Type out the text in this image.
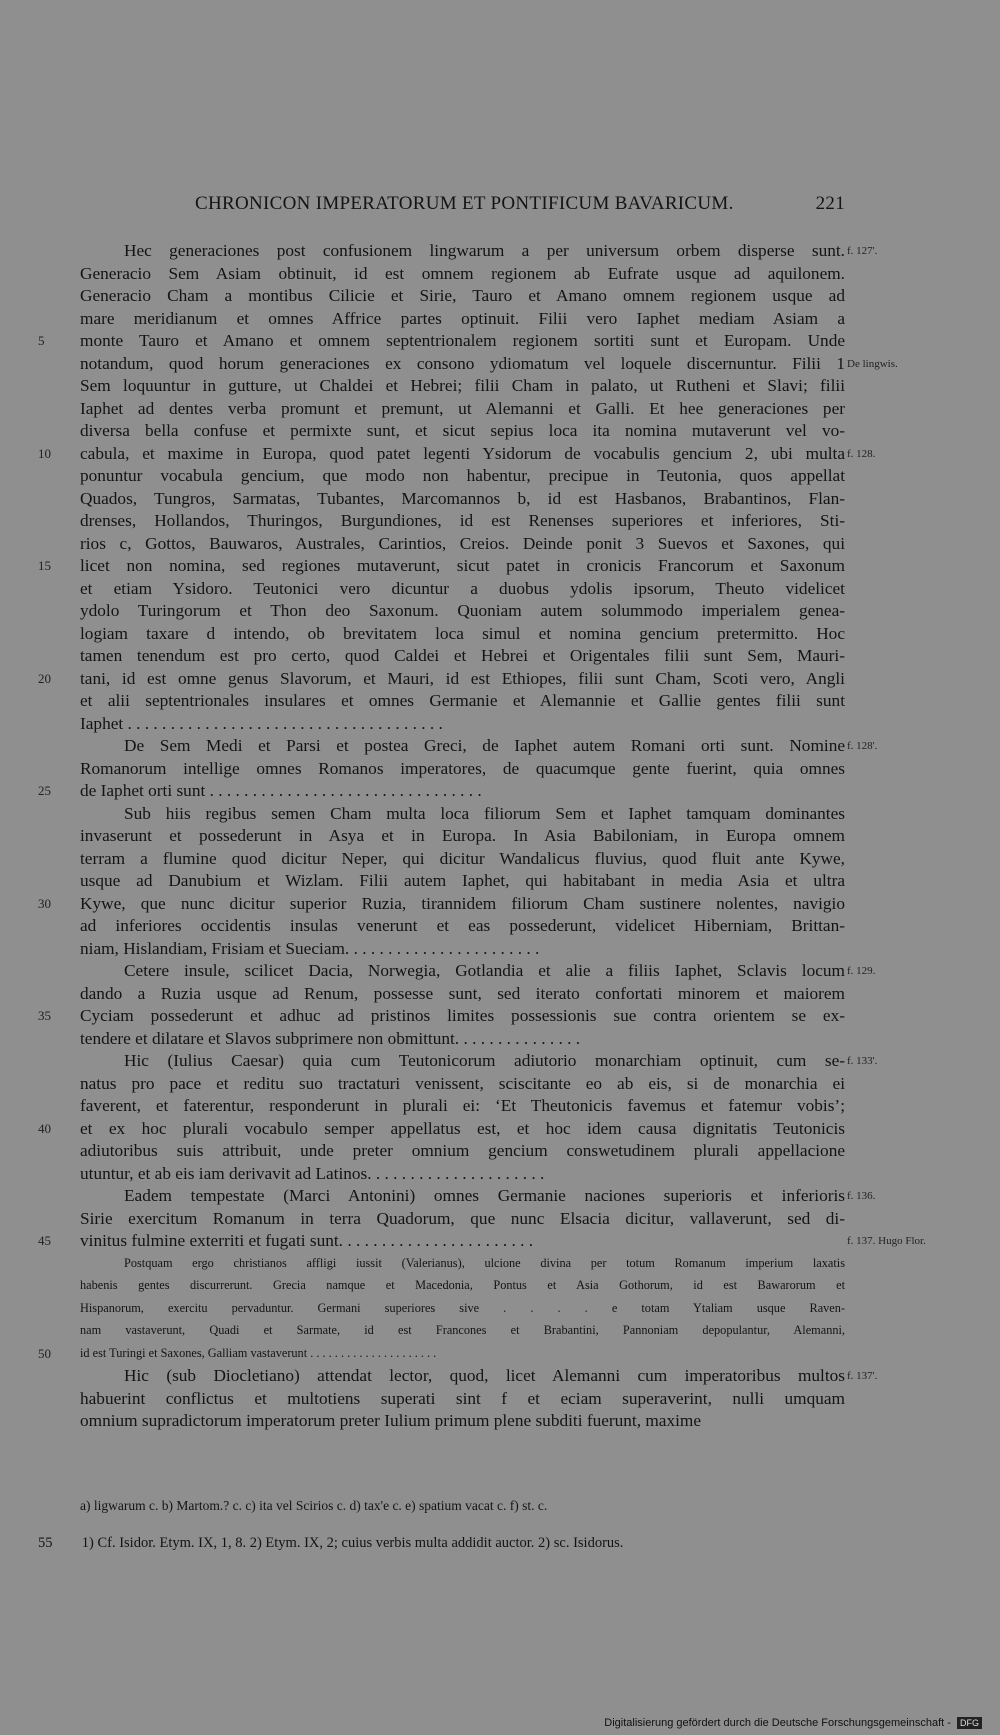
CHRONICON IMPERATORUM ET PONTIFICUM BAVARICUM.	221
Hec generaciones post confusionem lingwarum a per universum orbem disperse sunt.
Generacio Sem Asiam obtinuit, id est omnem regionem ab Eufrate usque ad aquilonem.
Generacio Cham a montibus Cilicie et Sirie, Tauro et Amano omnem regionem usque ad
mare meridianum et omnes Affrice partes optinuit. Filii vero Iaphet mediam Asiam a
5	monte Tauro et Amano et omnem septentrionalem regionem sortiti sunt et Europam. Unde
notandum, quod horum generaciones ex consono ydiomatum vel loquele discernuntur. Filii 1
Sem loquuntur in gutture, ut Chaldei et Hebrei; filii Cham in palato, ut Rutheni et Slavi; filii
Iaphet ad dentes verba promunt et premunt, ut Alemanni et Galli. Et hee generaciones per
diversa bella confuse et permixte sunt, et sicut sepius loca ita nomina mutaverunt vel vo-
10	cabula, et maxime in Europa, quod patet legenti Ysidorum de vocabulis gencium 2, ubi multa
ponuntur vocabula gencium, que modo non habentur, precipue in Teutonia, quos appellat
Quados, Tungros, Sarmatas, Tubantes, Marcomannos b, id est Hasbanos, Brabantinos, Flan-
drenses, Hollandos, Thuringos, Burgundiones, id est Renenses superiores et inferiores, Sti-
rios c, Gottos, Bauwaros, Australes, Carintios, Creios. Deinde ponit 3 Suevos et Saxones, qui
15	licet non nomina, sed regiones mutaverunt, sicut patet in cronicis Francorum et Saxonum
et etiam Ysidoro. Teutonici vero dicuntur a duobus ydolis ipsorum, Theuto videlicet
ydolo Turingorum et Thon deo Saxonum. Quoniam autem solummodo imperialem genea-
logiam taxare d intendo, ob brevitatem loca simul et nomina gencium pretermitto. Hoc
tamen tenendum est pro certo, quod Caldei et Hebrei et Origentales filii sunt Sem, Mauri-
20	tani, id est omne genus Slavorum, et Mauri, id est Ethiopes, filii sunt Cham, Scoti vero, Angli
et alii septentrionales insulares et omnes Germanie et Alemannie et Gallie gentes filii sunt
Iaphet . . . . . . . . . . . . . . . . . . . . . . . . . . . . . . . . . . . . .
De Sem Medi et Parsi et postea Greci, de Iaphet autem Romani orti sunt. Nomine
Romanorum intellige omnes Romanos imperatores, de quacumque gente fuerint, quia omnes
25	de Iaphet orti sunt . . . . . . . . . . . . . . . . . . . . . . . . . . . . . . . .
Sub hiis regibus semen Cham multa loca filiorum Sem et Iaphet tamquam dominantes
invaserunt et possederunt in Asya et in Europa. In Asia Babiloniam, in Europa omnem
terram a flumine quod dicitur Neper, qui dicitur Wandalicus fluvius, quod fluit ante Kywe,
usque ad Danubium et Wizlam. Filii autem Iaphet, qui habitabant in media Asia et ultra
30	Kywe, que nunc dicitur superior Ruzia, tirannidem filiorum Cham sustinere nolentes, navigio
ad inferiores occidentis insulas venerunt et eas possederunt, videlicet Hiberniam, Brittan-
niam, Hislandiam, Frisiam et Sueciam. . . . . . . . . . . . . . . . . . . . . . .
Cetere insule, scilicet Dacia, Norwegia, Gotlandia et alie a filiis Iaphet, Sclavis locum
dando a Ruzia usque ad Renum, possesse sunt, sed iterato confortati minorem et maiorem
35	Cyciam possederunt et adhuc ad pristinos limites possessionis sue contra orientem se ex-
tendere et dilatare et Slavos subprimere non obmittunt. . . . . . . . . . . . . . .
Hic (Iulius Caesar) quia cum Teutonicorum adiutorio monarchiam optinuit, cum se-
natus pro pace et reditu suo tractaturi venissent, sciscitante eo ab eis, si de monarchia ei
faverent, et faterentur, responderunt in plurali ei: ‘Et Theutonicis favemus et fatemur vobis’;
40	et ex hoc plurali vocabulo semper appellatus est, et hoc idem causa dignitatis Teutonicis
adiutoribus suis attribuit, unde preter omnium gencium conswetudinem plurali appellacione
utuntur, et ab eis iam derivavit ad Latinos. . . . . . . . . . . . . . . . . . . . .
Eadem tempestate (Marci Antonini) omnes Germanie naciones superioris et inferioris
Sirie exercitum Romanum in terra Quadorum, que nunc Elsacia dicitur, vallaverunt, sed di-
45	vinitus fulmine exterriti et fugati sunt. . . . . . . . . . . . . . . . . . . . . . .
Postquam ergo christianos affligi iussit (Valerianus), ulcione divina per totum Romanum imperium laxatis
habenis gentes discurrerunt. Grecia namque et Macedonia, Pontus et Asia Gothorum, id est Bawarorum et
Hispanorum, exercitu pervaduntur. Germani superiores sive . . . . e totam Ytaliam usque Raven-
nam vastaverunt, Quadi et Sarmate, id est Francones et Brabantini, Pannoniam depopulantur, Alemanni,
50	id est Turingi et Saxones, Galliam vastaverunt . . . . . . . . . . . . . . . . . . . . .
Hic (sub Diocletiano) attendat lector, quod, licet Alemanni cum imperatoribus multos
habuerint conflictus et multotiens superati sint f et eciam superaverint, nulli umquam
omnium supradictorum imperatorum preter Iulium primum plene subditi fuerunt, maxime
f. 127'.
De lingwis.
f. 128.
f. 128'.
f. 129.
f. 133'.
f. 136.
f. 137. Hugo Flor.
f. 137'.
a) ligwarum c. b) Martom.? c. c) ita vel Scirios c. d) tax'e c. e) spatium vacat c. f) st. c.
55 1) Cf. Isidor. Etym. IX, 1, 8. 2) Etym. IX, 2; cuius verbis multa addidit auctor. 2) sc. Isidorus.
Digitalisierung gefördert durch die Deutsche Forschungsgemeinschaft - DFG
